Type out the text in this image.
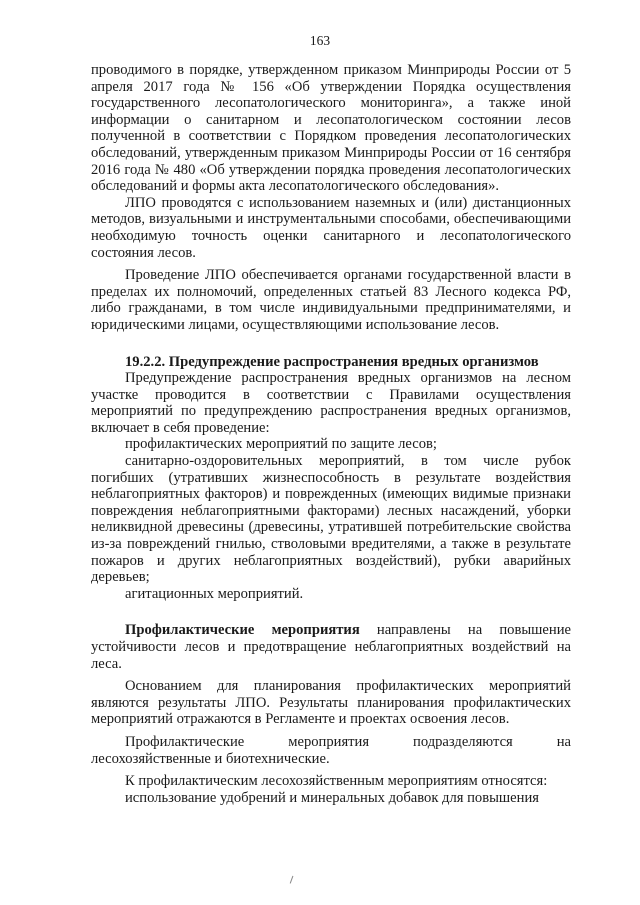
163

проводимого в порядке, утвержденном приказом Минприроды России от 5 апреля 2017 года № 156 «Об утверждении Порядка осуществления государственного лесопатологического мониторинга», а также иной информации о санитарном и лесопатологическом состоянии лесов полученной в соответствии с Порядком проведения лесопатологических обследований, утвержденным приказом Минприроды России от 16 сентября 2016 года № 480 «Об утверждении порядка проведения лесопатологических обследований и формы акта лесопатологического обследования».

ЛПО проводятся с использованием наземных и (или) дистанционных методов, визуальными и инструментальными способами, обеспечивающими необходимую точность оценки санитарного и лесопатологического состояния лесов.

Проведение ЛПО обеспечивается органами государственной власти в пределах их полномочий, определенных статьей 83 Лесного кодекса РФ, либо гражданами, в том числе индивидуальными предпринимателями, и юридическими лицами, осуществляющими использование лесов.

19.2.2. Предупреждение распространения вредных организмов

Предупреждение распространения вредных организмов на лесном участке проводится в соответствии с Правилами осуществления мероприятий по предупреждению распространения вредных организмов, включает в себя проведение:

профилактических мероприятий по защите лесов;

санитарно-оздоровительных мероприятий, в том числе рубок погибших (утративших жизнеспособность в результате воздействия неблагоприятных факторов) и поврежденных (имеющих видимые признаки повреждения неблагоприятными факторами) лесных насаждений, уборки неликвидной древесины (древесины, утратившей потребительские свойства из-за повреждений гнилью, стволовыми вредителями, а также в результате пожаров и других неблагоприятных воздействий), рубки аварийных деревьев;

агитационных мероприятий.

Профилактические мероприятия направлены на повышение устойчивости лесов и предотвращение неблагоприятных воздействий на леса.

Основанием для планирования профилактических мероприятий являются результаты ЛПО. Результаты планирования профилактических мероприятий отражаются в Регламенте и проектах освоения лесов.

Профилактические мероприятия подразделяются на лесохозяйственные и биотехнические.

К профилактическим лесохозяйственным мероприятиям относятся:

использование удобрений и минеральных добавок для повышения
